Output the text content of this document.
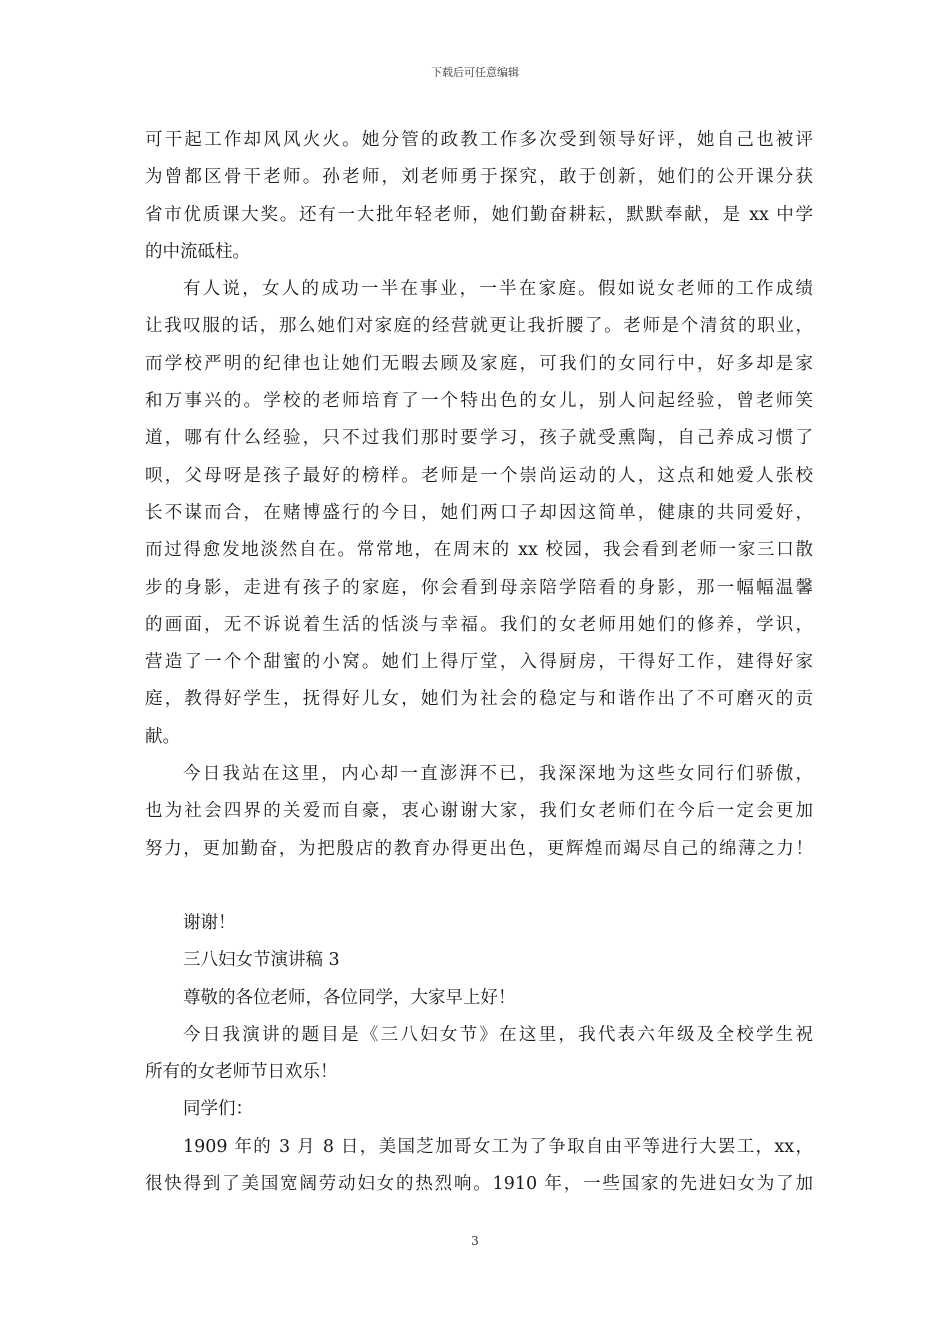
下载后可任意编辑
可干起工作却风风火火。她分管的政教工作多次受到领导好评，她自己也被评
为曾都区骨干老师。孙老师，刘老师勇于探究，敢于创新，她们的公开课分获
省市优质课大奖。还有一大批年轻老师，她们勤奋耕耘，默默奉献，是 xx 中学
的中流砥柱。
有人说，女人的成功一半在事业，一半在家庭。假如说女老师的工作成绩
让我叹服的话，那么她们对家庭的经营就更让我折腰了。老师是个清贫的职业，
而学校严明的纪律也让她们无暇去顾及家庭，可我们的女同行中，好多却是家
和万事兴的。学校的老师培育了一个特出色的女儿，别人问起经验，曾老师笑
道，哪有什么经验，只不过我们那时要学习，孩子就受熏陶，自己养成习惯了
呗，父母呀是孩子最好的榜样。老师是一个崇尚运动的人，这点和她爱人张校
长不谋而合，在赌博盛行的今日，她们两口子却因这简单，健康的共同爱好，
而过得愈发地淡然自在。常常地，在周末的 xx 校园，我会看到老师一家三口散
步的身影，走进有孩子的家庭，你会看到母亲陪学陪看的身影，那一幅幅温馨
的画面，无不诉说着生活的恬淡与幸福。我们的女老师用她们的修养，学识，
营造了一个个甜蜜的小窝。她们上得厅堂，入得厨房，干得好工作，建得好家
庭，教得好学生，抚得好儿女，她们为社会的稳定与和谐作出了不可磨灭的贡
献。
今日我站在这里，内心却一直澎湃不已，我深深地为这些女同行们骄傲，
也为社会四界的关爱而自豪，衷心谢谢大家，我们女老师们在今后一定会更加
努力，更加勤奋，为把殷店的教育办得更出色，更辉煌而竭尽自己的绵薄之力！
谢谢！
三八妇女节演讲稿 3
尊敬的各位老师，各位同学，大家早上好！
今日我演讲的题目是《三八妇女节》在这里，我代表六年级及全校学生祝
所有的女老师节日欢乐！
同学们：
1909 年的 3 月 8 日，美国芝加哥女工为了争取自由平等进行大罢工，xx，
很快得到了美国宽阔劳动妇女的热烈响。1910 年，一些国家的先进妇女为了加
3
